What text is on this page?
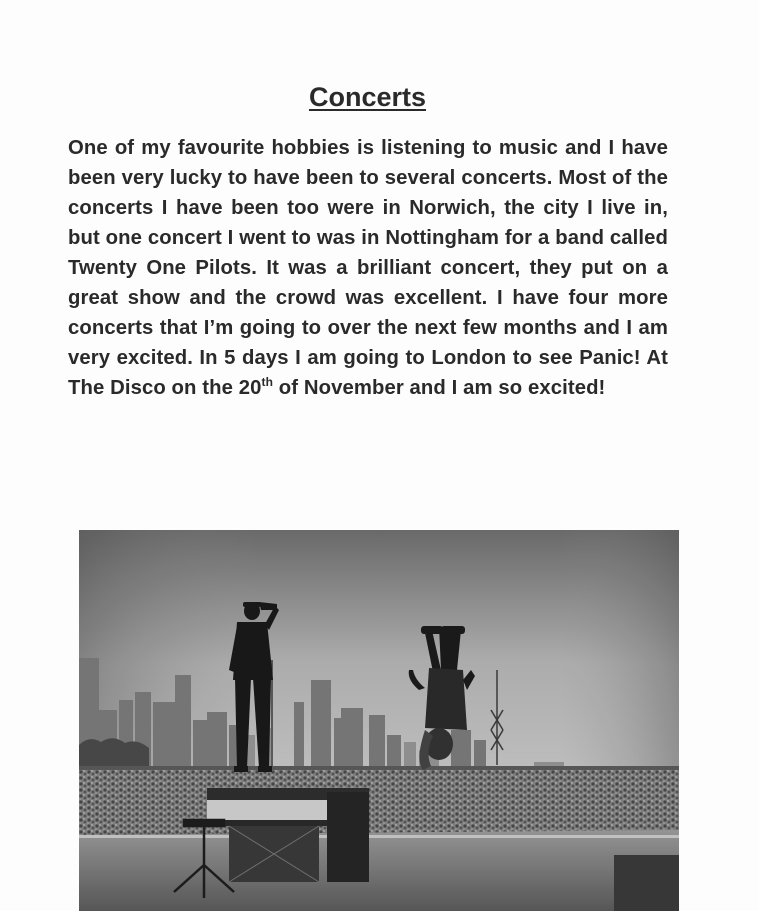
Concerts

One of my favourite hobbies is listening to music and I have been very lucky to have been to several concerts. Most of the concerts I have been too were in Norwich, the city I live in, but one concert I went to was in Nottingham for a band called Twenty One Pilots. It was a brilliant concert, they put on a great show and the crowd was excellent. I have four more concerts that I’m going to over the next few months and I am very excited. In 5 days I am going to London to see Panic! At The Disco on the 20th of November and I am so excited!
